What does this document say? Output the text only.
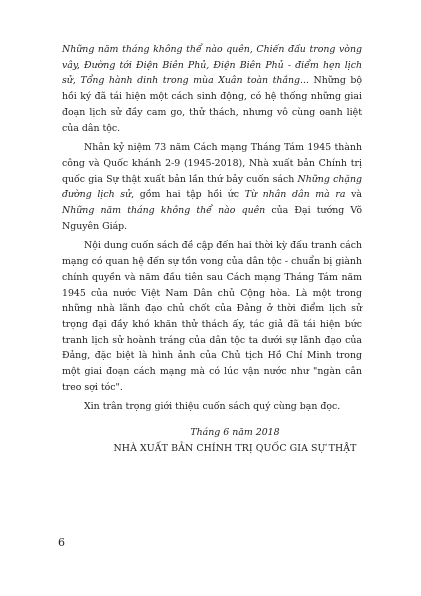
Những năm tháng không thể nào quên, Chiến đấu trong vòng vây, Đường tới Điện Biên Phủ, Điện Biên Phủ - điểm hẹn lịch sử, Tổng hành dinh trong mùa Xuân toàn thắng... Những bộ hồi ký đã tái hiện một cách sinh động, có hệ thống những giai đoạn lịch sử đầy cam go, thử thách, nhưng vô cùng oanh liệt của dân tộc.

Nhân kỷ niệm 73 năm Cách mạng Tháng Tám 1945 thành công và Quốc khánh 2-9 (1945-2018), Nhà xuất bản Chính trị quốc gia Sự thật xuất bản lần thứ bảy cuốn sách Những chặng đường lịch sử, gồm hai tập hồi ức Từ nhân dân mà ra và Những năm tháng không thể nào quên của Đại tướng Võ Nguyên Giáp.

Nội dung cuốn sách đề cập đến hai thời kỳ đấu tranh cách mạng có quan hệ đến sự tồn vong của dân tộc - chuẩn bị giành chính quyền và năm đầu tiên sau Cách mạng Tháng Tám năm 1945 của nước Việt Nam Dân chủ Cộng hòa. Là một trong những nhà lãnh đạo chủ chốt của Đảng ở thời điểm lịch sử trọng đại đầy khó khăn thử thách ấy, tác giả đã tái hiện bức tranh lịch sử hoành tráng của dân tộc ta dưới sự lãnh đạo của Đảng, đặc biệt là hình ảnh của Chủ tịch Hồ Chí Minh trong một giai đoạn cách mạng mà có lúc vận nước như "ngàn cân treo sợi tóc".

Xin trân trọng giới thiệu cuốn sách quý cùng bạn đọc.

Tháng 6 năm 2018
NHÀ XUẤT BẢN CHÍNH TRỊ QUỐC GIA SỰ THẬT
6
